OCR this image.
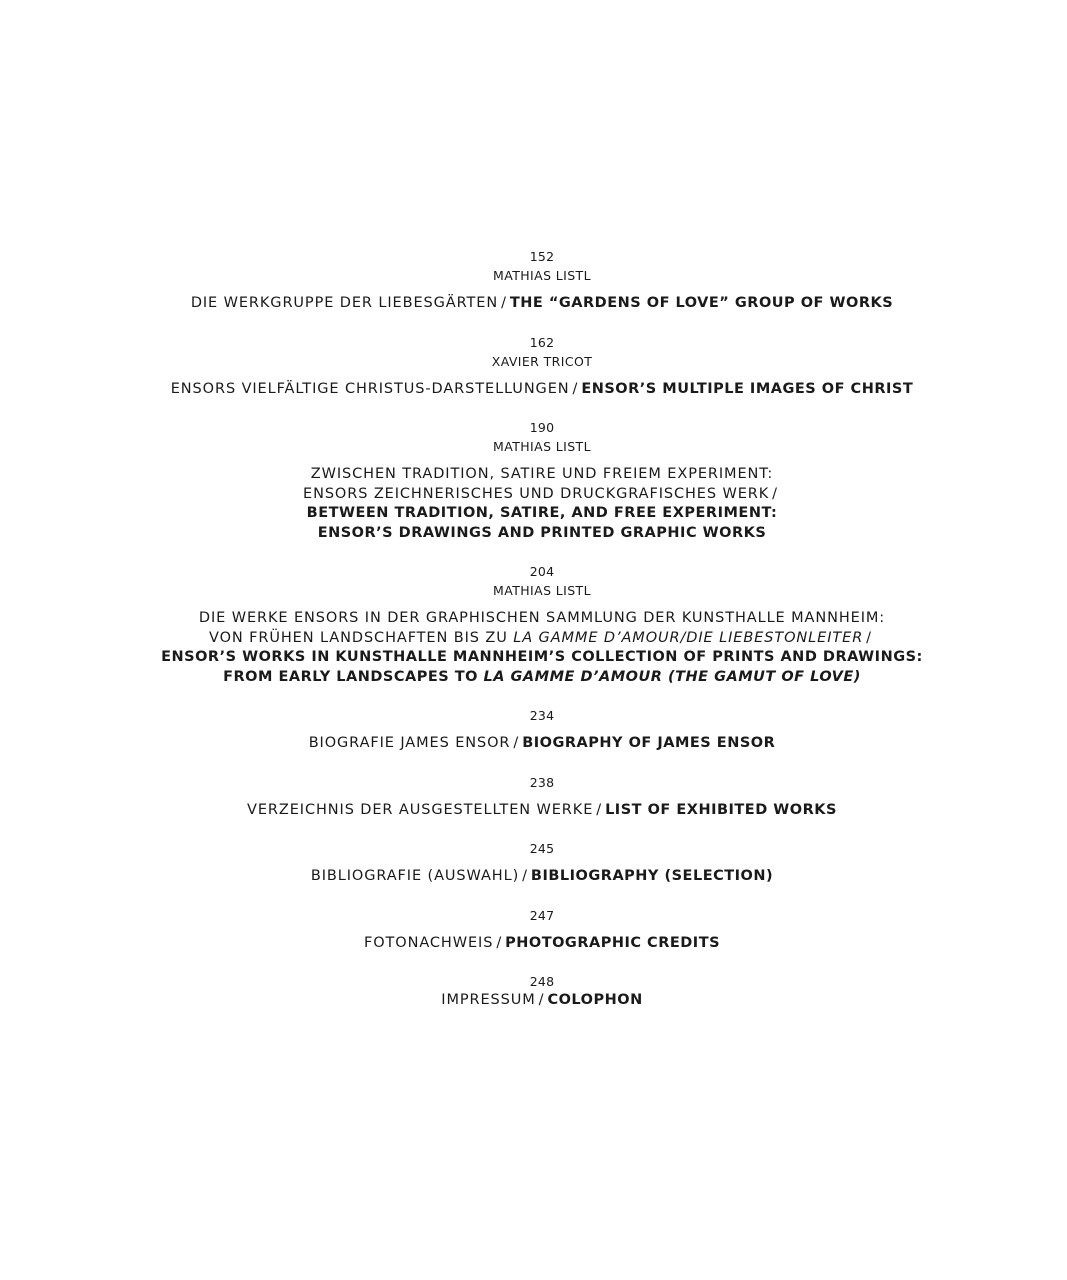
152
MATHIAS LISTL
DIE WERKGRUPPE DER LIEBESGÄRTEN / THE “GARDENS OF LOVE” GROUP OF WORKS
162
XAVIER TRICOT
ENSORS VIELFÄLTIGE CHRISTUS-DARSTELLUNGEN / ENSOR’S MULTIPLE IMAGES OF CHRIST
190
MATHIAS LISTL
ZWISCHEN TRADITION, SATIRE UND FREIEM EXPERIMENT:
ENSORS ZEICHNERISCHES UND DRUCKGRAFISCHES WERK /
BETWEEN TRADITION, SATIRE, AND FREE EXPERIMENT:
ENSOR’S DRAWINGS AND PRINTED GRAPHIC WORKS
204
MATHIAS LISTL
DIE WERKE ENSORS IN DER GRAPHISCHEN SAMMLUNG DER KUNSTHALLE MANNHEIM:
VON FRÜHEN LANDSCHAFTEN BIS ZU LA GAMME D’AMOUR/DIE LIEBESTONLEITER /
ENSOR’S WORKS IN KUNSTHALLE MANNHEIM’S COLLECTION OF PRINTS AND DRAWINGS:
FROM EARLY LANDSCAPES TO LA GAMME D’AMOUR (THE GAMUT OF LOVE)
234
BIOGRAFIE JAMES ENSOR / BIOGRAPHY OF JAMES ENSOR
238
VERZEICHNIS DER AUSGESTELLTEN WERKE / LIST OF EXHIBITED WORKS
245
BIBLIOGRAFIE (AUSWAHL) / BIBLIOGRAPHY (SELECTION)
247
FOTONACHWEIS / PHOTOGRAPHIC CREDITS
248
IMPRESSUM / COLOPHON
